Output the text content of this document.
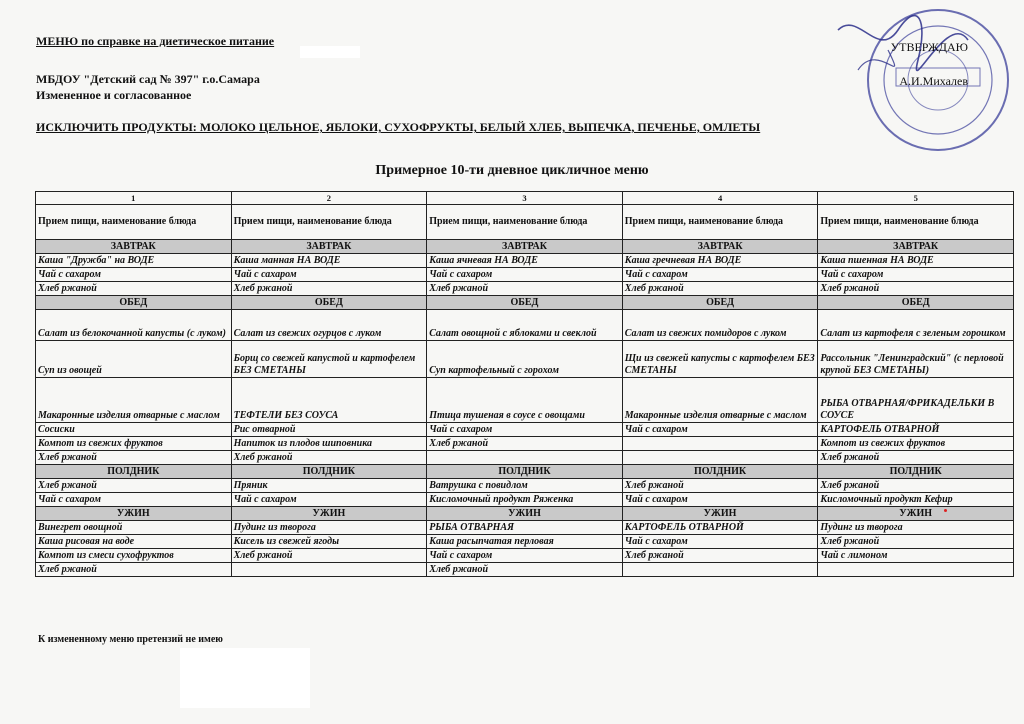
МЕНЮ по справке на диетическое питание
МБДОУ "Детский сад № 397" г.о.Самара
Измененное и согласованное
ИСКЛЮЧИТЬ ПРОДУКТЫ: МОЛОКО ЦЕЛЬНОЕ, ЯБЛОКИ, СУХОФРУКТЫ, БЕЛЫЙ ХЛЕБ, ВЫПЕЧКА, ПЕЧЕНЬЕ, ОМЛЕТЫ
УТВЕРЖДАЮ
А.И.Михалев
Примерное 10-ти дневное цикличное меню
1	2	3	4	5
Прием пищи, наименование блюда	Прием пищи, наименование блюда	Прием пищи, наименование блюда	Прием пищи, наименование блюда	Прием пищи, наименование блюда
ЗАВТРАК	ЗАВТРАК	ЗАВТРАК	ЗАВТРАК	ЗАВТРАК
Каша "Дружба" на ВОДЕ	Каша манная НА ВОДЕ	Каша ячневая НА ВОДЕ	Каша гречневая НА ВОДЕ	Каша пшенная НА ВОДЕ
Чай с сахаром	Чай с сахаром	Чай с сахаром	Чай с сахаром	Чай с сахаром
Хлеб ржаной	Хлеб ржаной	Хлеб ржаной	Хлеб ржаной	Хлеб ржаной
ОБЕД	ОБЕД	ОБЕД	ОБЕД	ОБЕД
Салат из белокочанной капусты (с луком)	Салат из свежих огурцов с луком	Салат овощной с яблоками и свеклой	Салат из свежих помидоров с луком	Салат из картофеля с зеленым горошком
Суп из овощей	Борщ со свежей капустой и картофелем БЕЗ СМЕТАНЫ	Суп картофельный с горохом	Щи из свежей капусты с картофелем БЕЗ СМЕТАНЫ	Рассольник "Ленинградский" (с перловой крупой БЕЗ СМЕТАНЫ)
Макаронные изделия отварные с маслом	ТЕФТЕЛИ БЕЗ СОУСА	Птица тушеная в соусе с овощами	Макаронные изделия отварные с маслом	РЫБА ОТВАРНАЯ/ФРИКАДЕЛЬКИ В СОУСЕ
Сосиски	Рис отварной	Чай с сахаром	Чай с сахаром	КАРТОФЕЛЬ ОТВАРНОЙ
Компот из свежих фруктов	Напиток из плодов шиповника	Хлеб ржаной		Компот из свежих фруктов
Хлеб ржаной	Хлеб ржаной			Хлеб ржаной
ПОЛДНИК	ПОЛДНИК	ПОЛДНИК	ПОЛДНИК	ПОЛДНИК
Хлеб ржаной	Пряник	Ватрушка с повидлом	Хлеб ржаной	Хлеб ржаной
Чай с сахаром	Чай с сахаром	Кисломочный продукт Ряженка	Чай с сахаром	Кисломочный продукт Кефир
УЖИН	УЖИН	УЖИН	УЖИН	УЖИН
Винегрет овощной	Пудинг из творога	РЫБА ОТВАРНАЯ	КАРТОФЕЛЬ ОТВАРНОЙ	Пудинг из творога
Каша рисовая на воде	Кисель из свежей ягоды	Каша расыпчатая перловая	Чай с сахаром	Хлеб ржаной
Компот из смеси сухофруктов	Хлеб ржаной	Чай с сахаром	Хлеб ржаной	Чай с лимоном
Хлеб ржаной		Хлеб ржаной		
К измененному меню претензий не имею
